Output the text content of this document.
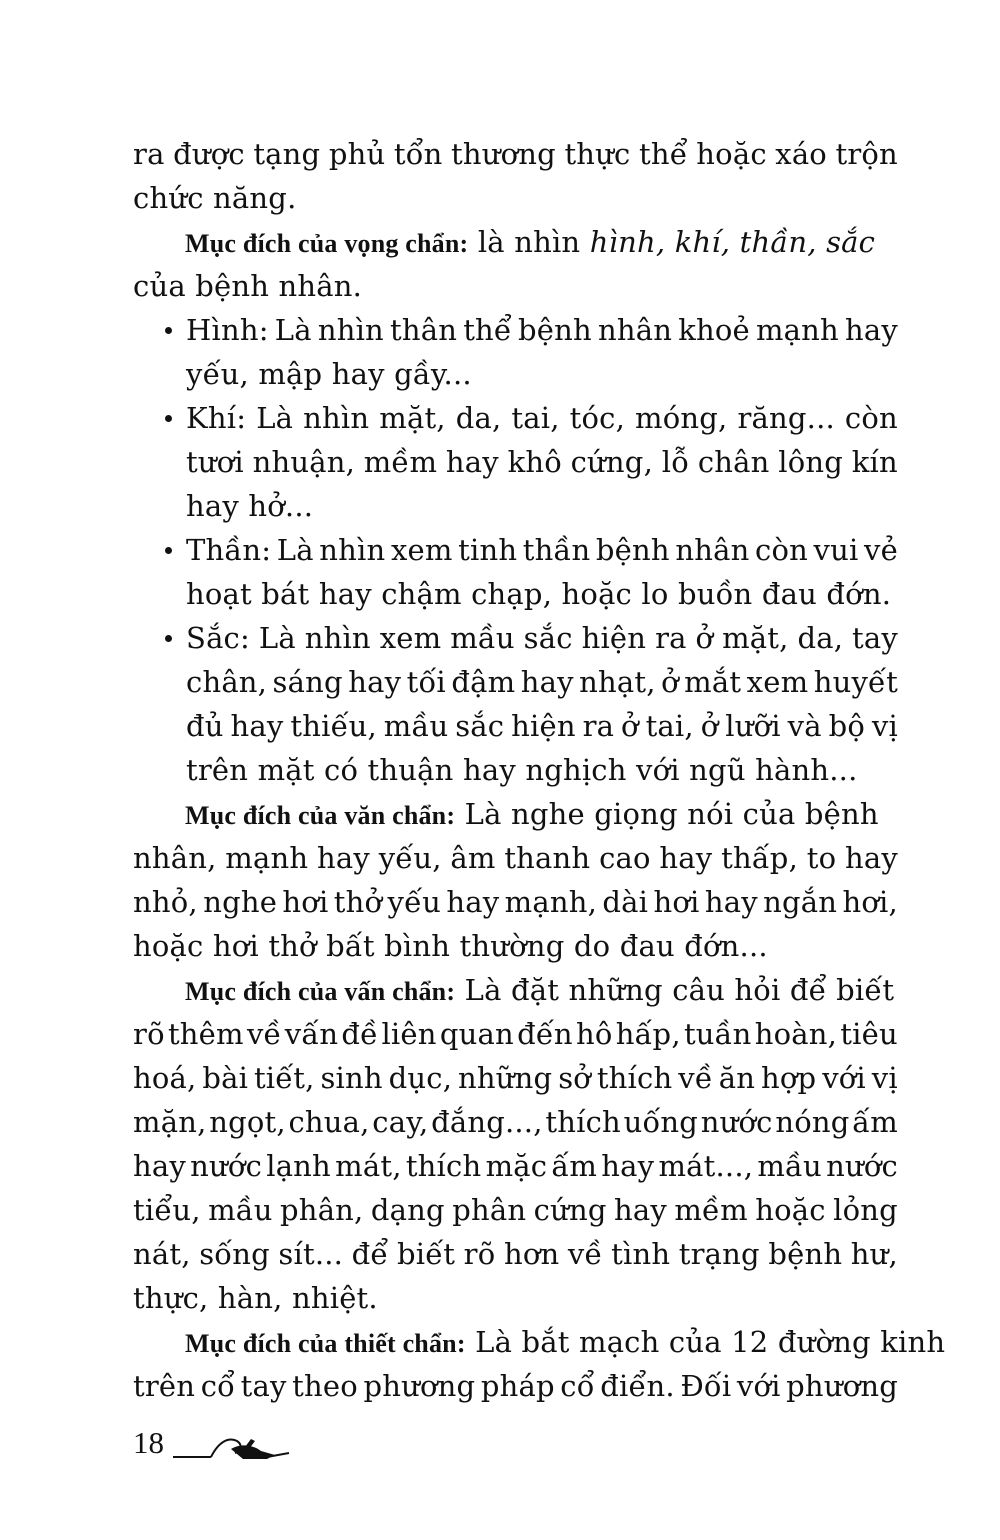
ra được tạng phủ tổn thương thực thể hoặc xáo trộn
chức năng.
Mục đích của vọng chẩn: là nhìn hình, khí, thần, sắc
của bệnh nhân.
Hình: Là nhìn thân thể bệnh nhân khoẻ mạnh hay
yếu, mập hay gầy...
Khí: Là nhìn mặt, da, tai, tóc, móng, răng... còn
tươi nhuận, mềm hay khô cứng, lỗ chân lông kín
hay hở...
Thần: Là nhìn xem tinh thần bệnh nhân còn vui vẻ
hoạt bát hay chậm chạp, hoặc lo buồn đau đớn.
Sắc: Là nhìn xem mầu sắc hiện ra ở mặt, da, tay
chân, sáng hay tối đậm hay nhạt, ở mắt xem huyết
đủ hay thiếu, mầu sắc hiện ra ở tai, ở lưỡi và bộ vị
trên mặt có thuận hay nghịch với ngũ hành...
Mục đích của văn chẩn: Là nghe giọng nói của bệnh
nhân, mạnh hay yếu, âm thanh cao hay thấp, to hay
nhỏ, nghe hơi thở yếu hay mạnh, dài hơi hay ngắn hơi,
hoặc hơi thở bất bình thường do đau đớn...
Mục đích của vấn chẩn: Là đặt những câu hỏi để biết
rõ thêm về vấn đề liên quan đến hô hấp, tuần hoàn, tiêu
hoá, bài tiết, sinh dục, những sở thích về ăn hợp với vị
mặn, ngọt, chua, cay, đắng..., thích uống nước nóng ấm
hay nước lạnh mát, thích mặc ấm hay mát..., mầu nước
tiểu, mầu phân, dạng phân cứng hay mềm hoặc lỏng
nát, sống sít... để biết rõ hơn về tình trạng bệnh hư,
thực, hàn, nhiệt.
Mục đích của thiết chẩn: Là bắt mạch của 12 đường kinh
trên cổ tay theo phương pháp cổ điển. Đối với phương
18
